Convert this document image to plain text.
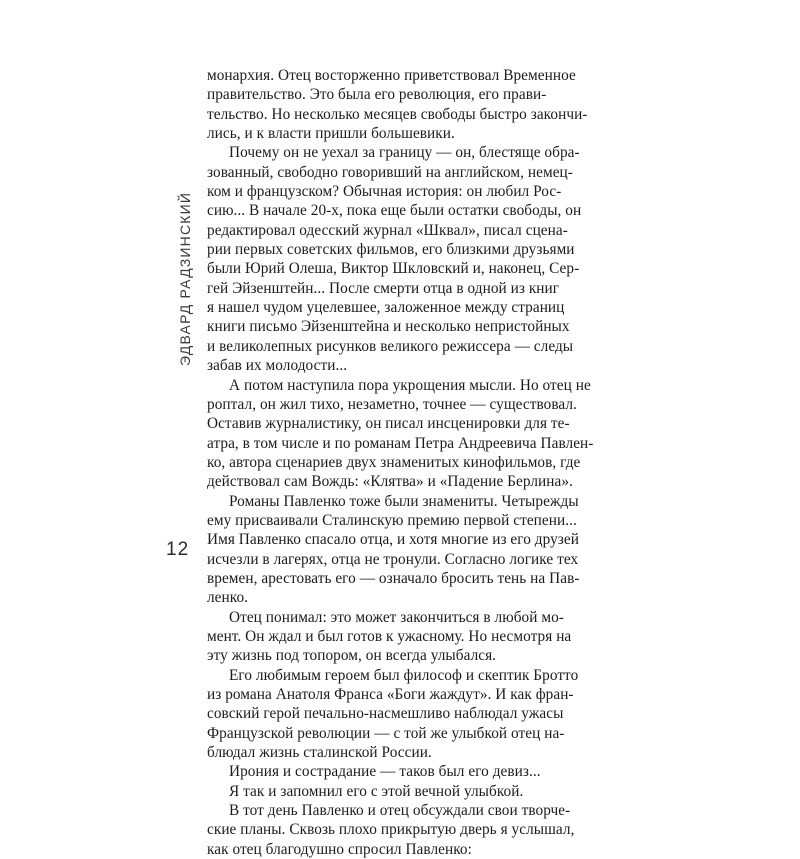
ЭДВАРД РАДЗИНСКИЙ
12
монархия. Отец восторженно приветствовал Временное
правительство. Это была его революция, его прави-
тельство. Но несколько месяцев свободы быстро закончи-
лись, и к власти пришли большевики.
Почему он не уехал за границу — он, блестяще обра-
зованный, свободно говоривший на английском, немец-
ком и французском? Обычная история: он любил Рос-
сию... В начале 20-х, пока еще были остатки свободы, он
редактировал одесский журнал «Шквал», писал сцена-
рии первых советских фильмов, его близкими друзьями
были Юрий Олеша, Виктор Шкловский и, наконец, Сер-
гей Эйзенштейн... После смерти отца в одной из книг
я нашел чудом уцелевшее, заложенное между страниц
книги письмо Эйзенштейна и несколько непристойных
и великолепных рисунков великого режиссера — следы
забав их молодости...
А потом наступила пора укрощения мысли. Но отец не
роптал, он жил тихо, незаметно, точнее — существовал.
Оставив журналистику, он писал инсценировки для те-
атра, в том числе и по романам Петра Андреевича Павлен-
ко, автора сценариев двух знаменитых кинофильмов, где
действовал сам Вождь: «Клятва» и «Падение Берлина».
Романы Павленко тоже были знамениты. Четырежды
ему присваивали Сталинскую премию первой степени...
Имя Павленко спасало отца, и хотя многие из его друзей
исчезли в лагерях, отца не тронули. Согласно логике тех
времен, арестовать его — означало бросить тень на Пав-
ленко.
Отец понимал: это может закончиться в любой мо-
мент. Он ждал и был готов к ужасному. Но несмотря на
эту жизнь под топором, он всегда улыбался.
Его любимым героем был философ и скептик Бротто
из романа Анатоля Франса «Боги жаждут». И как фран-
совский герой печально-насмешливо наблюдал ужасы
Французской революции — с той же улыбкой отец на-
блюдал жизнь сталинской России.
Ирония и сострадание — таков был его девиз...
Я так и запомнил его с этой вечной улыбкой.
В тот день Павленко и отец обсуждали свои творче-
ские планы. Сквозь плохо прикрытую дверь я услышал,
как отец благодушно спросил Павленко:
